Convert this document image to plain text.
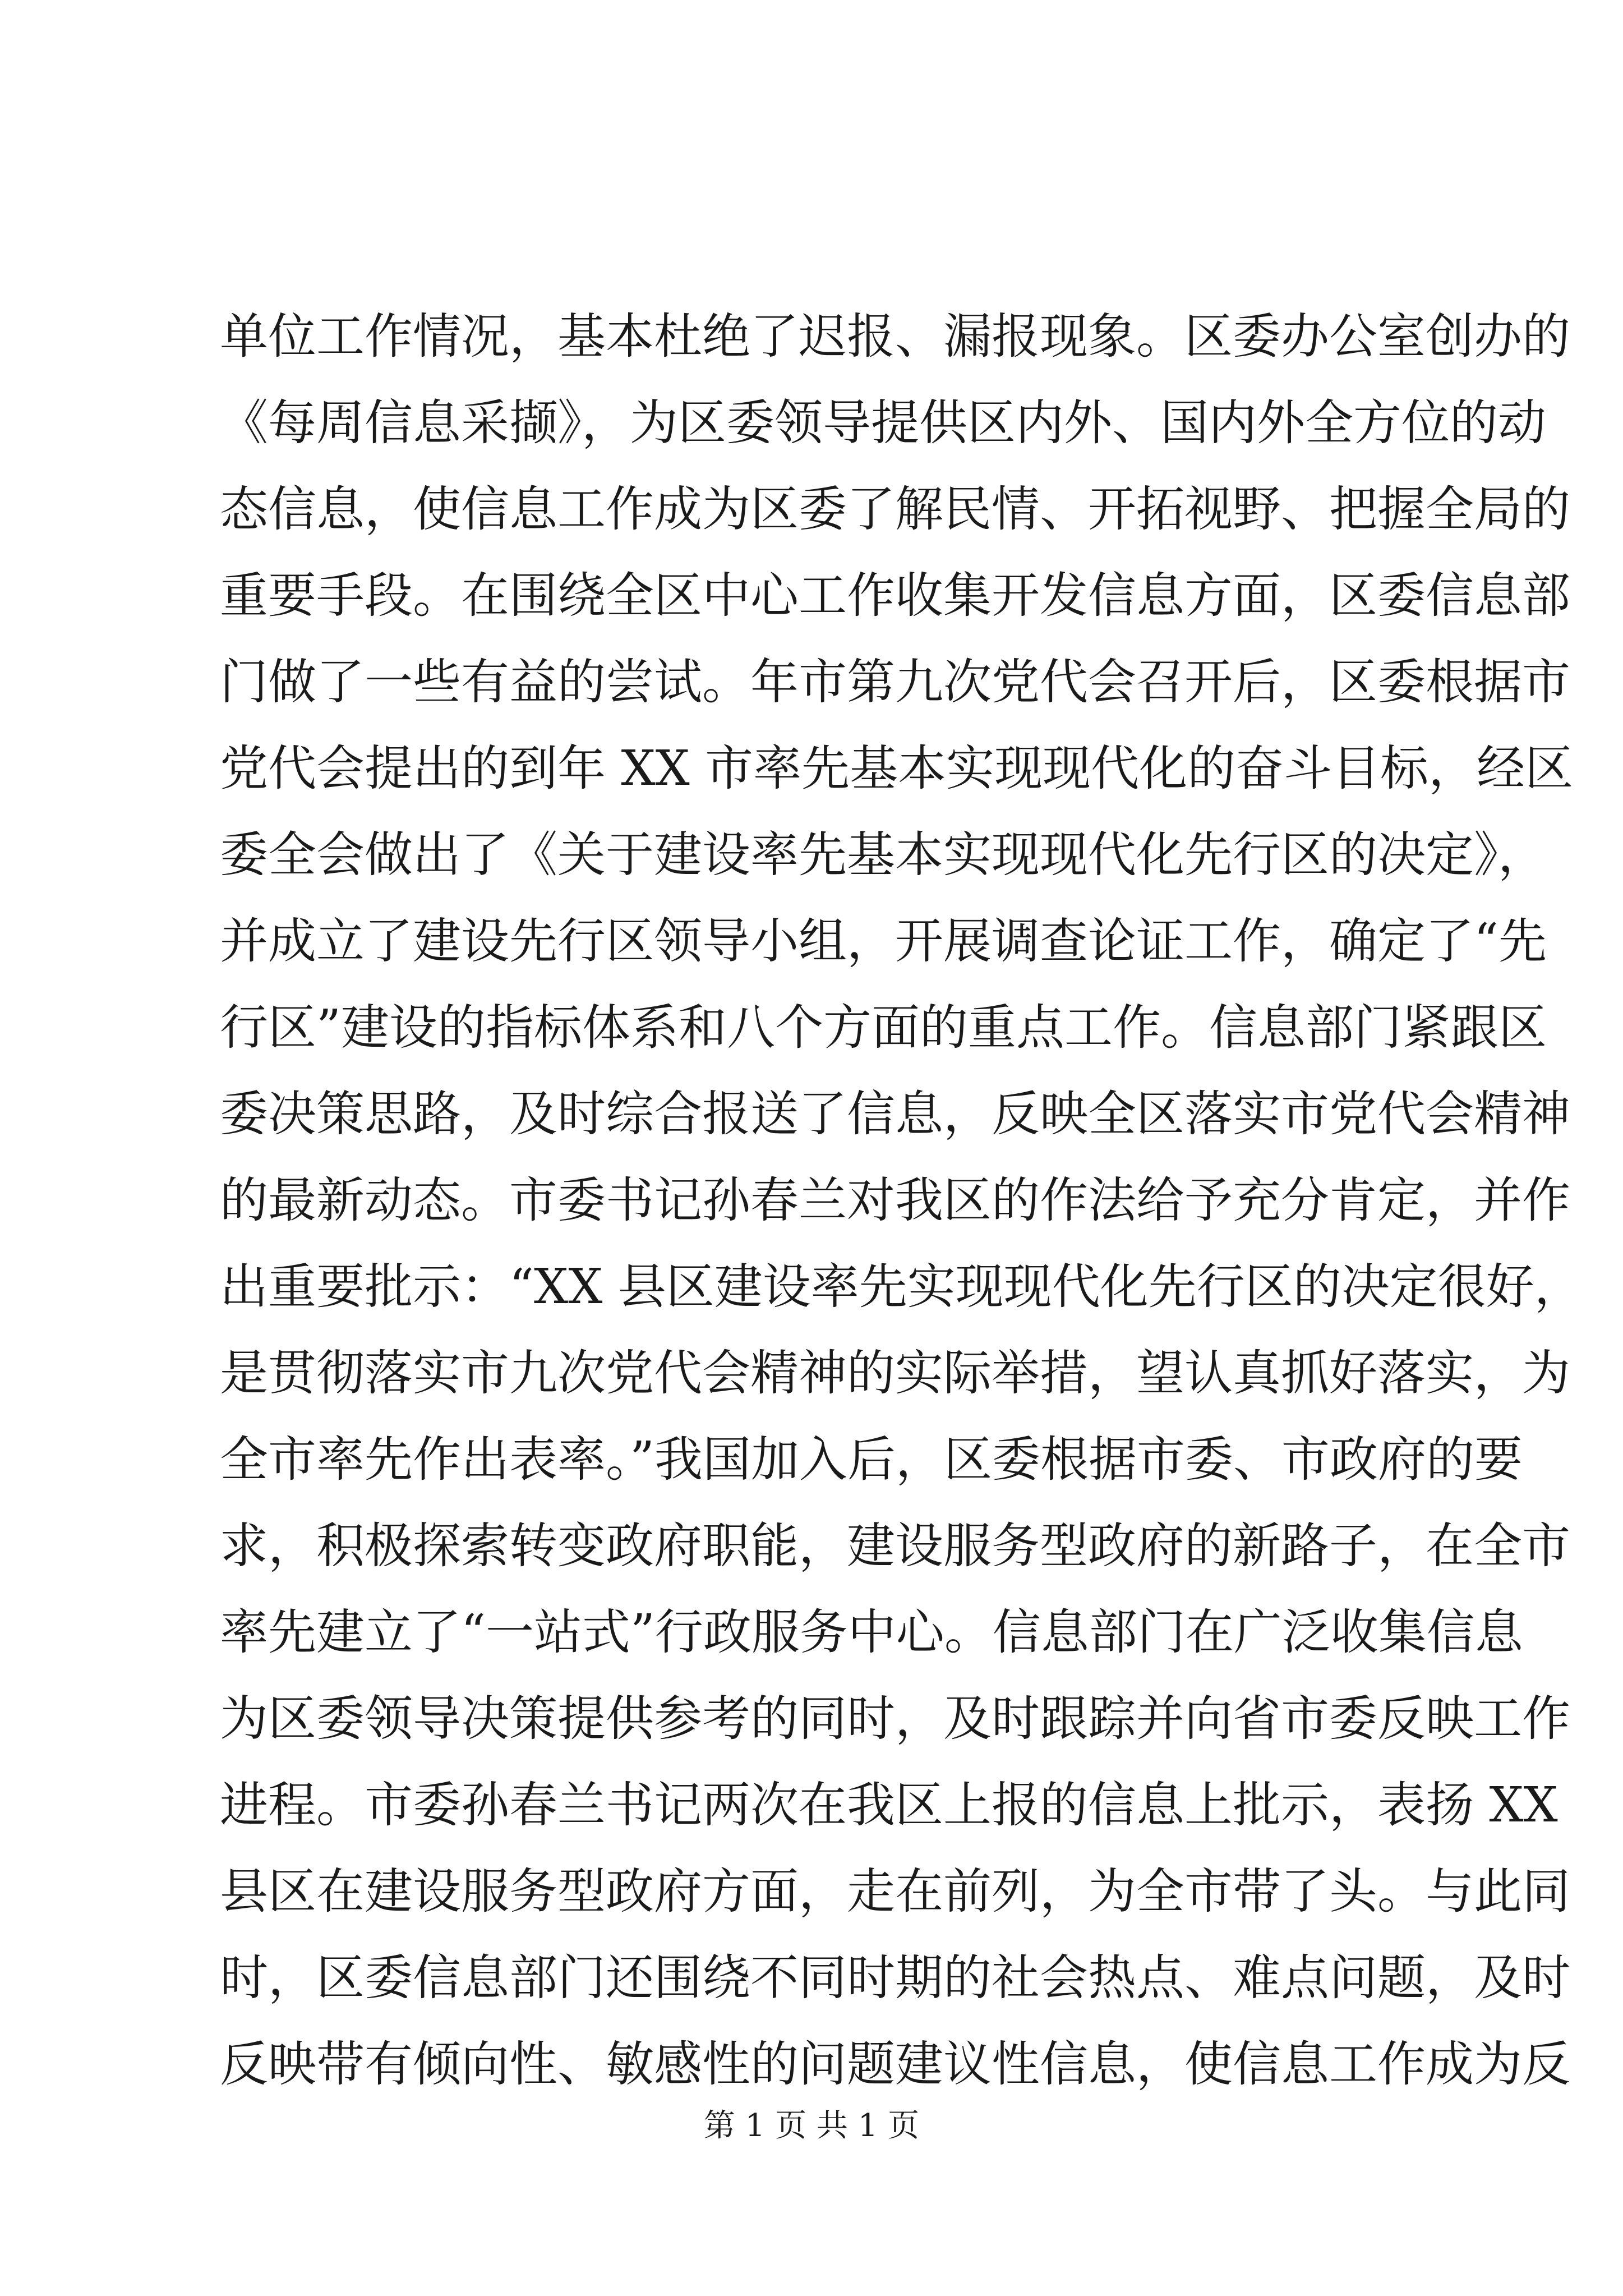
单位工作情况，基本杜绝了迟报、漏报现象。区委办公室创办的
《每周信息采撷》，为区委领导提供区内外、国内外全方位的动
态信息，使信息工作成为区委了解民情、开拓视野、把握全局的
重要手段。在围绕全区中心工作收集开发信息方面，区委信息部
门做了一些有益的尝试。年市第九次党代会召开后，区委根据市
党代会提出的到年 XX 市率先基本实现现代化的奋斗目标，经区
委全会做出了《关于建设率先基本实现现代化先行区的决定》，
并成立了建设先行区领导小组，开展调查论证工作，确定了“先
行区”建设的指标体系和八个方面的重点工作。信息部门紧跟区
委决策思路，及时综合报送了信息，反映全区落实市党代会精神
的最新动态。市委书记孙春兰对我区的作法给予充分肯定，并作
出重要批示：“XX 县区建设率先实现现代化先行区的决定很好，
是贯彻落实市九次党代会精神的实际举措，望认真抓好落实，为
全市率先作出表率。”我国加入后，区委根据市委、市政府的要
求，积极探索转变政府职能，建设服务型政府的新路子，在全市
率先建立了“一站式”行政服务中心。信息部门在广泛收集信息
为区委领导决策提供参考的同时，及时跟踪并向省市委反映工作
进程。市委孙春兰书记两次在我区上报的信息上批示，表扬 XX
县区在建设服务型政府方面，走在前列，为全市带了头。与此同
时，区委信息部门还围绕不同时期的社会热点、难点问题，及时
反映带有倾向性、敏感性的问题建议性信息，使信息工作成为反
第 1 页 共 1 页
